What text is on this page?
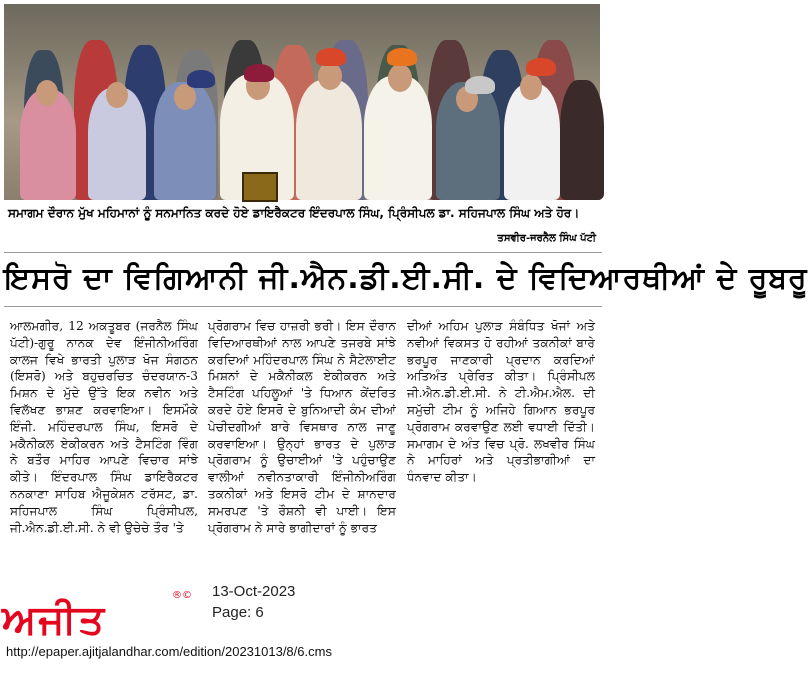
ਸਮਾਗਮ ਦੌਰਾਨ ਮੁੱਖ ਮਹਿਮਾਨਾਂ ਨੂੰ ਸਨਮਾਨਿਤ ਕਰਦੇ ਹੋਏ ਡਾਇਰੈਕਟਰ ਇੰਦਰਪਾਲ ਸਿੰਘ, ਪ੍ਰਿੰਸੀਪਲ ਡਾ. ਸਹਿਜਪਾਲ ਸਿੰਘ ਅਤੇ ਹੋਰ।
ਤਸਵੀਰ-ਜਰਨੈਲ ਸਿੰਘ ਪੱਟੀ
ਇਸਰੋ ਦਾ ਵਿਗਿਆਨੀ ਜੀ.ਐਨ.ਡੀ.ਈ.ਸੀ. ਦੇ ਵਿਦਿਆਰਥੀਆਂ ਦੇ ਰੂਬਰੂ
ਆਲਮਗੀਰ, 12 ਅਕਤੂਬਰ (ਜਰਨੈਲ ਸਿੰਘ ਪੱਟੀ)-ਗੁਰੂ ਨਾਨਕ ਦੇਵ ਇੰਜੀਨੀਅਰਿੰਗ ਕਾਲਜ ਵਿਖੇ ਭਾਰਤੀ ਪੁਲਾੜ ਖੋਜ ਸੰਗਠਨ (ਇਸਰੋ) ਅਤੇ ਬਹੁਚਰਚਿਤ ਚੰਦਰਯਾਨ-3 ਮਿਸ਼ਨ ਦੇ ਮੁੱਦੇ ਉੱਤੇ ਇਕ ਨਵੀਨ ਅਤੇ ਵਿਲੱਖਣ ਭਾਸ਼ਣ ਕਰਵਾਇਆ। ਇਸਮੌਕੇ ਇੰਜੀ. ਮਹਿੰਦਰਪਾਲ ਸਿੰਘ, ਇਸਰੋ ਦੇ ਮਕੈਨੀਕਲ ਏਕੀਕਰਨ ਅਤੇ ਟੈਸਟਿੰਗ ਵਿੰਗ ਨੇ ਬਤੌਰ ਮਾਹਿਰ ਆਪਣੇ ਵਿਚਾਰ ਸਾਂਝੇ ਕੀਤੇ। ਇੰਦਰਪਾਲ ਸਿੰਘ ਡਾਇਰੈਕਟਰ ਨਨਕਾਣਾ ਸਾਹਿਬ ਐਜੂਕੇਸ਼ਨ ਟਰੱਸਟ, ਡਾ. ਸਹਿਜਪਾਲ ਸਿੰਘ ਪ੍ਰਿੰਸੀਪਲ, ਜੀ.ਐਨ.ਡੀ.ਈ.ਸੀ. ਨੇ ਵੀ ਉਚੇਚੇ ਤੌਰ 'ਤੇ
ਪ੍ਰੋਗਰਾਮ ਵਿਚ ਹਾਜ਼ਰੀ ਭਰੀ। ਇਸ ਦੌਰਾਨ ਵਿਦਿਆਰਥੀਆਂ ਨਾਲ ਆਪਣੇ ਤਜਰਬੇ ਸਾਂਝੇ ਕਰਦਿਆਂ ਮਹਿੰਦਰਪਾਲ ਸਿੰਘ ਨੇ ਸੈਟੇਲਾਈਟ ਮਿਸ਼ਨਾਂ ਦੇ ਮਕੈਨੀਕਲ ਏਕੀਕਰਨ ਅਤੇ ਟੈਸਟਿੰਗ ਪਹਿਲੂਆਂ 'ਤੇ ਧਿਆਨ ਕੇਂਦਰਿਤ ਕਰਦੇ ਹੋਏ ਇਸਰੋ ਦੇ ਬੁਨਿਆਦੀ ਕੰਮ ਦੀਆਂ ਪੇਚੀਦਗੀਆਂ ਬਾਰੇ ਵਿਸਥਾਰ ਨਾਲ ਜਾਣੂ ਕਰਵਾਇਆ। ਉਨ੍ਹਾਂ ਭਾਰਤ ਦੇ ਪੁਲਾੜ ਪ੍ਰੋਗਰਾਮ ਨੂੰ ਉਚਾਈਆਂ 'ਤੇ ਪਹੁੰਚਾਉਣ ਵਾਲੀਆਂ ਨਵੀਨਤਾਕਾਰੀ ਇੰਜੀਨੀਅਰਿੰਗ ਤਕਨੀਕਾਂ ਅਤੇ ਇਸਰੋ ਟੀਮ ਦੇ ਸ਼ਾਨਦਾਰ ਸਮਰਪਣ 'ਤੇ ਰੌਸ਼ਨੀ ਵੀ ਪਾਈ। ਇਸ ਪ੍ਰੋਗਰਾਮ ਨੇ ਸਾਰੇ ਭਾਗੀਦਾਰਾਂ ਨੂੰ ਭਾਰਤ
ਦੀਆਂ ਅਹਿਮ ਪੁਲਾੜ ਸੰਬੰਧਿਤ ਖੋਜਾਂ ਅਤੇ ਨਵੀਆਂ ਵਿਕਸਤ ਹੋ ਰਹੀਆਂ ਤਕਨੀਕਾਂ ਬਾਰੇ ਭਰਪੂਰ ਜਾਣਕਾਰੀ ਪ੍ਰਦਾਨ ਕਰਦਿਆਂ ਅਤਿਅੰਤ ਪ੍ਰੇਰਿਤ ਕੀਤਾ। ਪ੍ਰਿੰਸੀਪਲ ਜੀ.ਐਨ.ਡੀ.ਈ.ਸੀ. ਨੇ ਟੀ.ਐਮ.ਐਲ. ਦੀ ਸਮੁੱਚੀ ਟੀਮ ਨੂੰ ਅਜਿਹੇ ਗਿਆਨ ਭਰਪੂਰ ਪ੍ਰੋਗਰਾਮ ਕਰਵਾਉਣ ਲਈ ਵਧਾਈ ਦਿੱਤੀ। ਸਮਾਗਮ ਦੇ ਅੰਤ ਵਿਚ ਪ੍ਰੋ. ਲਖਵੀਰ ਸਿੰਘ ਨੇ ਮਾਹਿਰਾਂ ਅਤੇ ਪ੍ਰਤੀਭਾਗੀਆਂ ਦਾ ਧੰਨਵਾਦ ਕੀਤਾ।
ਅਜੀਤ
®© 13-Oct-2023
Page: 6
http://epaper.ajitjalandhar.com/edition/20231013/8/6.cms
